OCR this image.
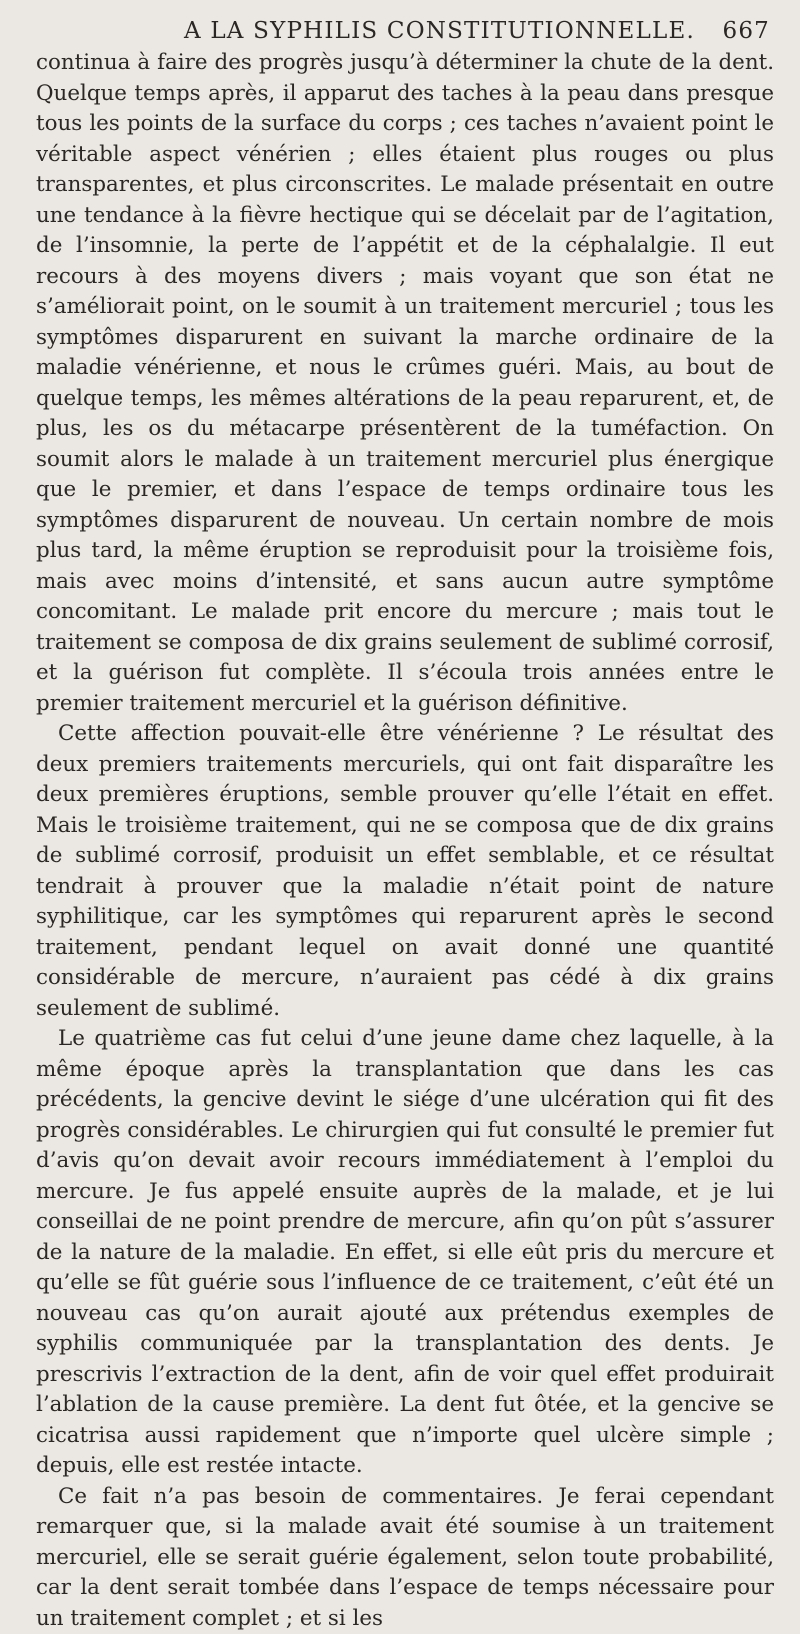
A LA SYPHILIS CONSTITUTIONNELLE. 667

continua à faire des progrès jusqu’à déterminer la chute de la dent. Quelque temps après, il apparut des taches à la peau dans presque tous les points de la surface du corps ; ces taches n’avaient point le véritable aspect vénérien ; elles étaient plus rouges ou plus transparentes, et plus circonscrites. Le malade présentait en outre une tendance à la fièvre hectique qui se décelait par de l’agitation, de l’insomnie, la perte de l’appétit et de la céphalalgie. Il eut recours à des moyens divers ; mais voyant que son état ne s’améliorait point, on le soumit à un traitement mercuriel ; tous les symptômes disparurent en suivant la marche ordinaire de la maladie vénérienne, et nous le crûmes guéri. Mais, au bout de quelque temps, les mêmes altérations de la peau reparurent, et, de plus, les os du métacarpe présentèrent de la tuméfaction. On soumit alors le malade à un traitement mercuriel plus énergique que le premier, et dans l’espace de temps ordinaire tous les symptômes disparurent de nouveau. Un certain nombre de mois plus tard, la même éruption se reproduisit pour la troisième fois, mais avec moins d’intensité, et sans aucun autre symptôme concomitant. Le malade prit encore du mercure ; mais tout le traitement se composa de dix grains seulement de sublimé corrosif, et la guérison fut complète. Il s’écoula trois années entre le premier traitement mercuriel et la guérison définitive.

Cette affection pouvait-elle être vénérienne ? Le résultat des deux premiers traitements mercuriels, qui ont fait disparaître les deux premières éruptions, semble prouver qu’elle l’était en effet. Mais le troisième traitement, qui ne se composa que de dix grains de sublimé corrosif, produisit un effet semblable, et ce résultat tendrait à prouver que la maladie n’était point de nature syphilitique, car les symptômes qui reparurent après le second traitement, pendant lequel on avait donné une quantité considérable de mercure, n’auraient pas cédé à dix grains seulement de sublimé.

Le quatrième cas fut celui d’une jeune dame chez laquelle, à la même époque après la transplantation que dans les cas précédents, la gencive devint le siége d’une ulcération qui fit des progrès considérables. Le chirurgien qui fut consulté le premier fut d’avis qu’on devait avoir recours immédiatement à l’emploi du mercure. Je fus appelé ensuite auprès de la malade, et je lui conseillai de ne point prendre de mercure, afin qu’on pût s’assurer de la nature de la maladie. En effet, si elle eût pris du mercure et qu’elle se fût guérie sous l’influence de ce traitement, c’eût été un nouveau cas qu’on aurait ajouté aux prétendus exemples de syphilis communiquée par la transplantation des dents. Je prescrivis l’extraction de la dent, afin de voir quel effet produirait l’ablation de la cause première. La dent fut ôtée, et la gencive se cicatrisa aussi rapidement que n’importe quel ulcère simple ; depuis, elle est restée intacte.

Ce fait n’a pas besoin de commentaires. Je ferai cependant remarquer que, si la malade avait été soumise à un traitement mercuriel, elle se serait guérie également, selon toute probabilité, car la dent serait tombée dans l’espace de temps nécessaire pour un traitement complet ; et si les
